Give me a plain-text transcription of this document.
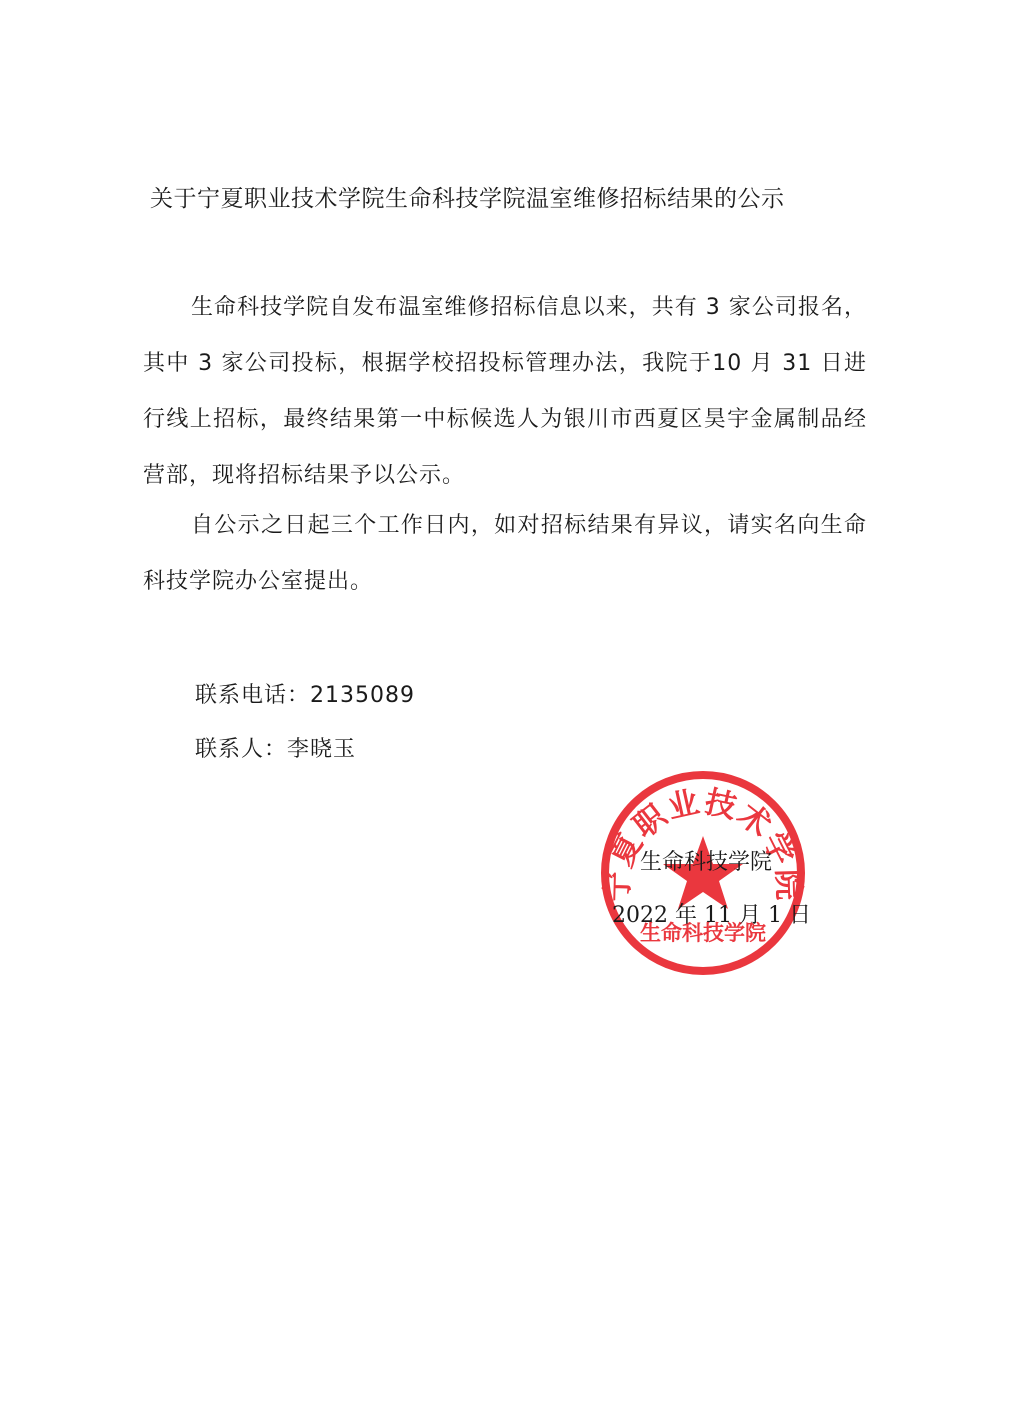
关于宁夏职业技术学院生命科技学院温室维修招标结果的公示
生命科技学院自发布温室维修招标信息以来，共有 3 家公司报名，其中 3 家公司投标，根据学校招投标管理办法，我院于10 月 31 日进行线上招标，最终结果第一中标候选人为银川市西夏区昊宇金属制品经营部，现将招标结果予以公示。
自公示之日起三个工作日内，如对招标结果有异议，请实名向生命科技学院办公室提出。
联系电话：2135089
联系人：李晓玉
宁夏职业技术学院
生命科技学院
生命科技学院
2022 年 11 月 1 日
